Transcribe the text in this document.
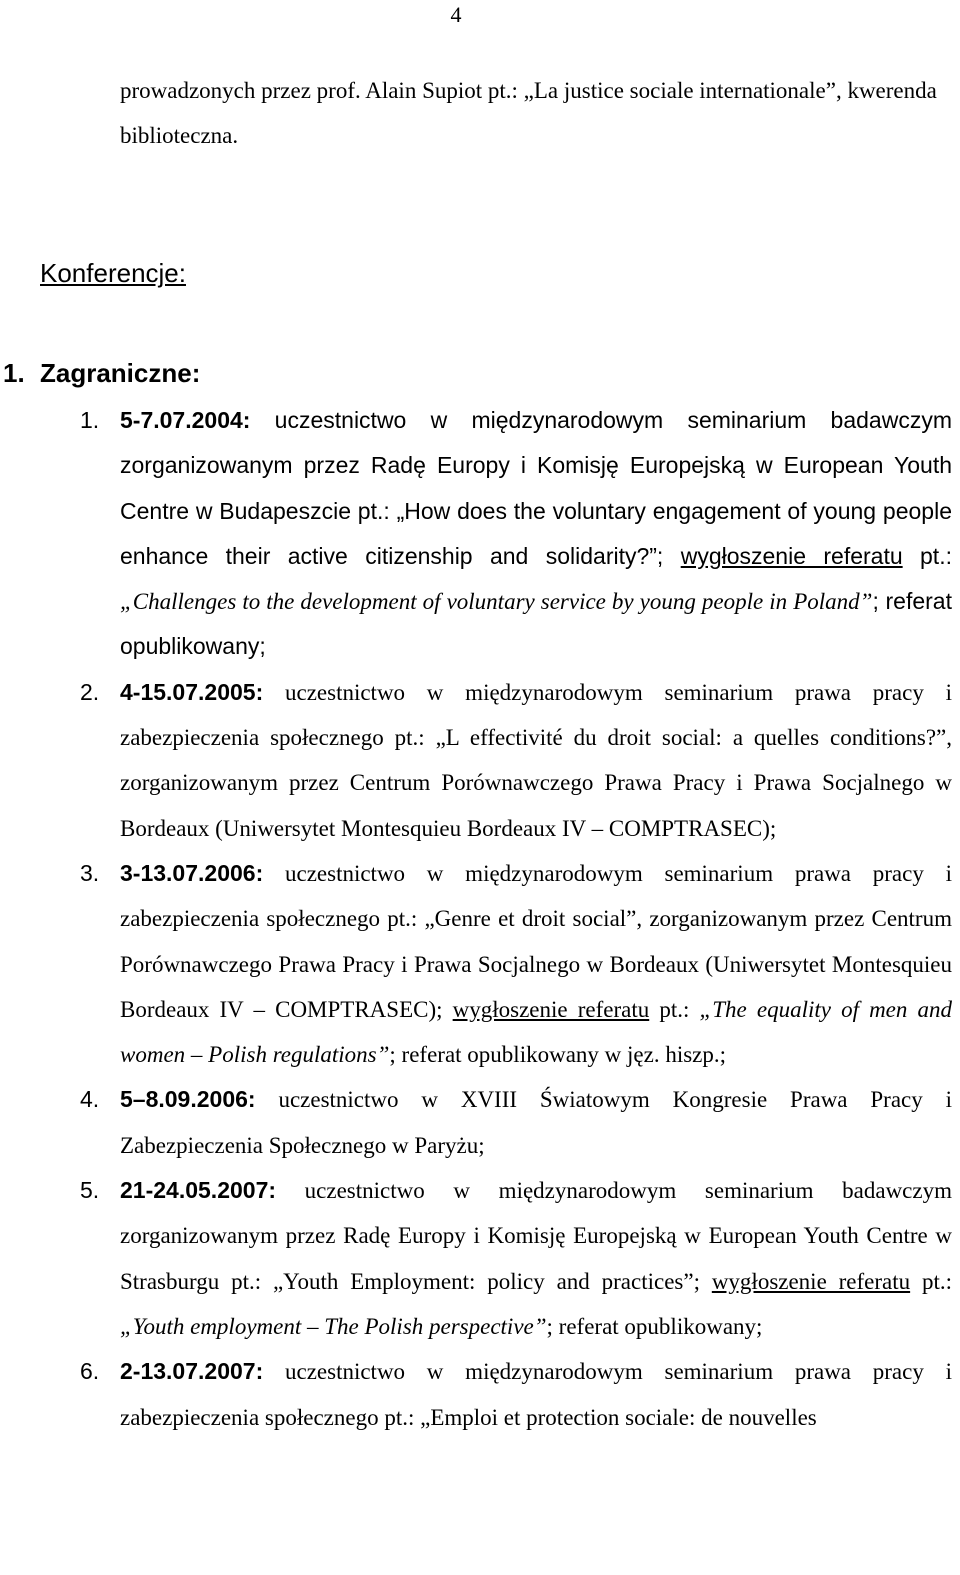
4

prowadzonych przez prof. Alain Supiot pt.: „La justice sociale internationale”, kwerenda biblioteczna.

Konferencje:
1. Zagraniczne:
1. 5-7.07.2004: uczestnictwo w międzynarodowym seminarium badawczym zorganizowanym przez Radę Europy i Komisję Europejską w European Youth Centre w Budapeszcie pt.: „How does the voluntary engagement of young people enhance their active citizenship and solidarity?”; wygłoszenie referatu pt.: „Challenges to the development of voluntary service by young people in Poland”; referat opublikowany;
2. 4-15.07.2005: uczestnictwo w międzynarodowym seminarium prawa pracy i zabezpieczenia społecznego pt.: „L effectivité du droit social: a quelles conditions?”, zorganizowanym przez Centrum Porównawczego Prawa Pracy i Prawa Socjalnego w Bordeaux (Uniwersytet Montesquieu Bordeaux IV – COMPTRASEC);
3. 3-13.07.2006: uczestnictwo w międzynarodowym seminarium prawa pracy i zabezpieczenia społecznego pt.: „Genre et droit social”, zorganizowanym przez Centrum Porównawczego Prawa Pracy i Prawa Socjalnego w Bordeaux (Uniwersytet Montesquieu Bordeaux IV – COMPTRASEC); wygłoszenie referatu pt.: „The equality of men and women – Polish regulations”; referat opublikowany w jęz. hiszp.;
4. 5–8.09.2006: uczestnictwo w XVIII Światowym Kongresie Prawa Pracy i Zabezpieczenia Społecznego w Paryżu;
5. 21-24.05.2007: uczestnictwo w międzynarodowym seminarium badawczym zorganizowanym przez Radę Europy i Komisję Europejską w European Youth Centre w Strasburgu pt.: „Youth Employment: policy and practices”; wygłoszenie referatu pt.: „Youth employment – The Polish perspective”; referat opublikowany;
6. 2-13.07.2007: uczestnictwo w międzynarodowym seminarium prawa pracy i zabezpieczenia społecznego pt.: „Emploi et protection sociale: de nouvelles
